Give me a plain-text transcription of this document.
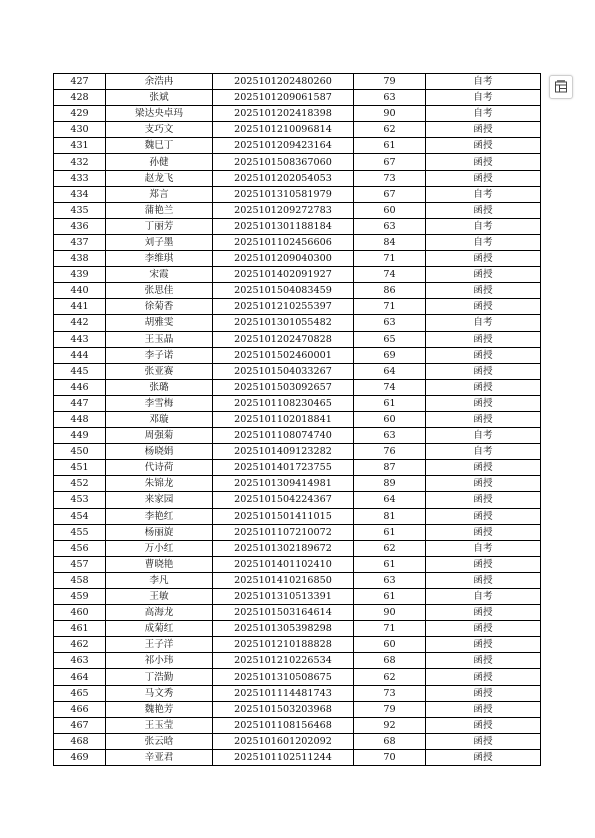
427	余浩冉	2025101202480260	79	自考
428	张斌	2025101209061587	63	自考
429	梁达央卓玛	2025101202418398	90	自考
430	支巧文	2025101210096814	62	函授
431	魏巳丁	2025101209423164	61	函授
432	孙健	2025101508367060	67	函授
433	赵龙飞	2025101202054053	73	函授
434	郑言	2025101310581979	67	自考
435	蒲艳兰	2025101209272783	60	函授
436	丁丽芳	2025101301188184	63	自考
437	刘子墨	2025101102456606	84	自考
438	李维琪	2025101209040300	71	函授
439	宋霞	2025101402091927	74	函授
440	张思佳	2025101504083459	86	函授
441	徐菊香	2025101210255397	71	函授
442	胡雅雯	2025101301055482	63	自考
443	王玉晶	2025101202470828	65	函授
444	李子诺	2025101502460001	69	函授
445	张亚赛	2025101504033267	64	函授
446	张璐	2025101503092657	74	函授
447	李雪梅	2025101108230465	61	函授
448	邓璇	2025101102018841	60	函授
449	周强菊	2025101108074740	63	自考
450	杨晓娟	2025101409123282	76	自考
451	代诗荷	2025101401723755	87	函授
452	朱锦龙	2025101309414981	89	函授
453	来家园	2025101504224367	64	函授
454	李艳红	2025101501411015	81	函授
455	杨丽旋	2025101107210072	61	函授
456	万小红	2025101302189672	62	自考
457	曹晓艳	2025101401102410	61	函授
458	李凡	2025101410216850	63	函授
459	王敏	2025101310513391	61	自考
460	高海龙	2025101503164614	90	函授
461	成菊红	2025101305398298	71	函授
462	王子洋	2025101210188828	60	函授
463	祁小玮	2025101210226534	68	函授
464	丁浩勤	2025101310508675	62	函授
465	马文秀	2025101114481743	73	函授
466	魏艳芳	2025101503203968	79	函授
467	王玉莹	2025101108156468	92	函授
468	张云晗	2025101601202092	68	函授
469	辛亚君	2025101102511244	70	函授
